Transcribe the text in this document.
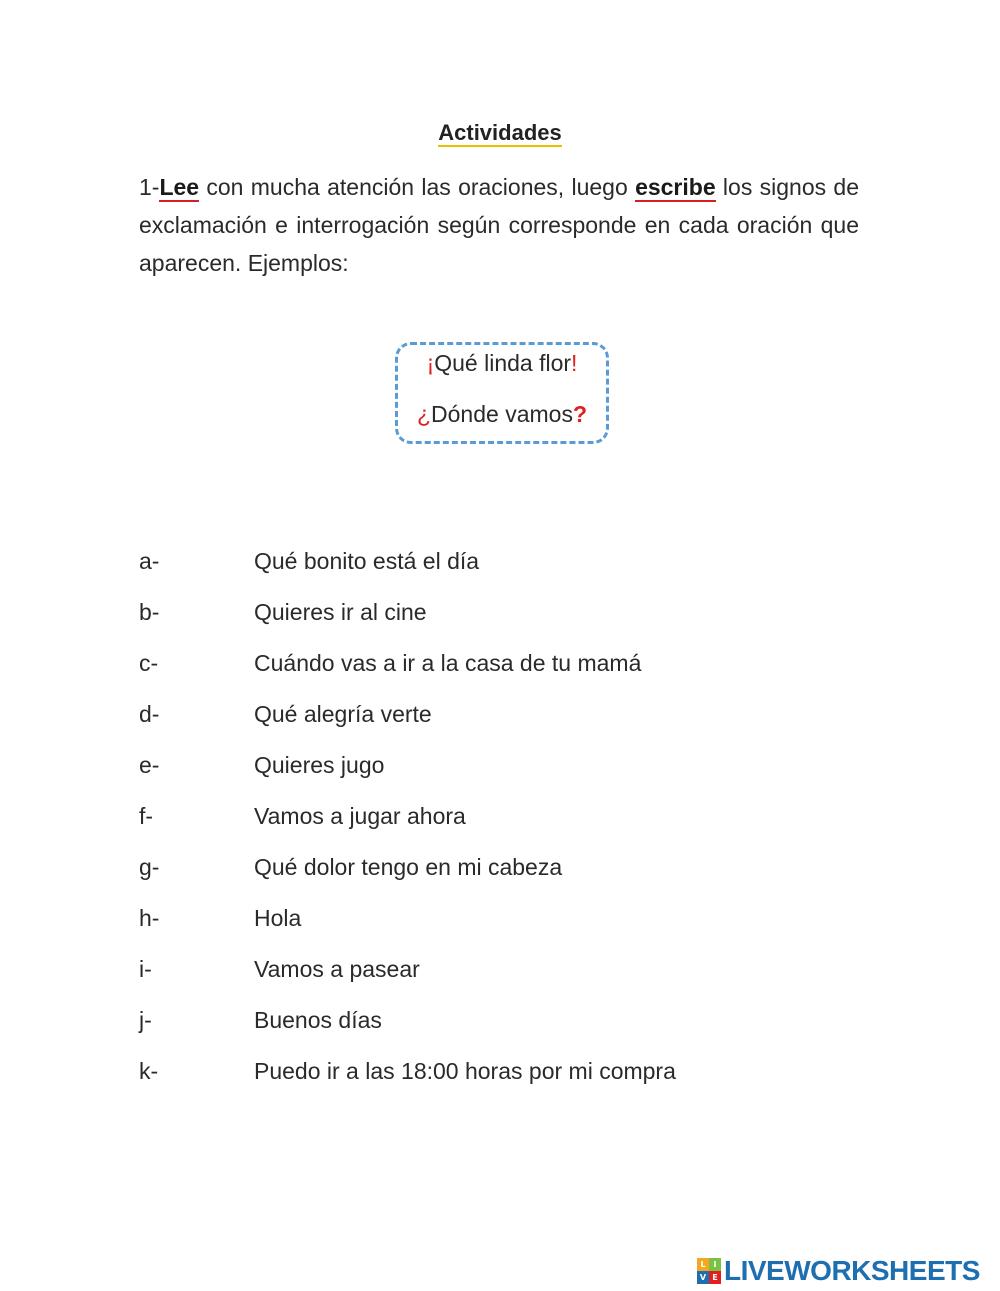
Actividades
1-Lee con mucha atención las oraciones, luego escribe los signos de exclamación e interrogación según corresponde en cada oración que aparecen. Ejemplos:
¡Qué linda flor!
¿Dónde vamos?
a-	Qué bonito está el día
b-	Quieres ir al cine
c-	Cuándo vas a ir a la casa de tu mamá
d-	Qué alegría verte
e-	Quieres jugo
f-	Vamos a jugar ahora
g-	Qué dolor tengo en mi cabeza
h-	Hola
i-	Vamos a pasear
j-	Buenos días
k-	Puedo ir a las 18:00 horas por mi compra
L I
V E LIVEWORKSHEETS
